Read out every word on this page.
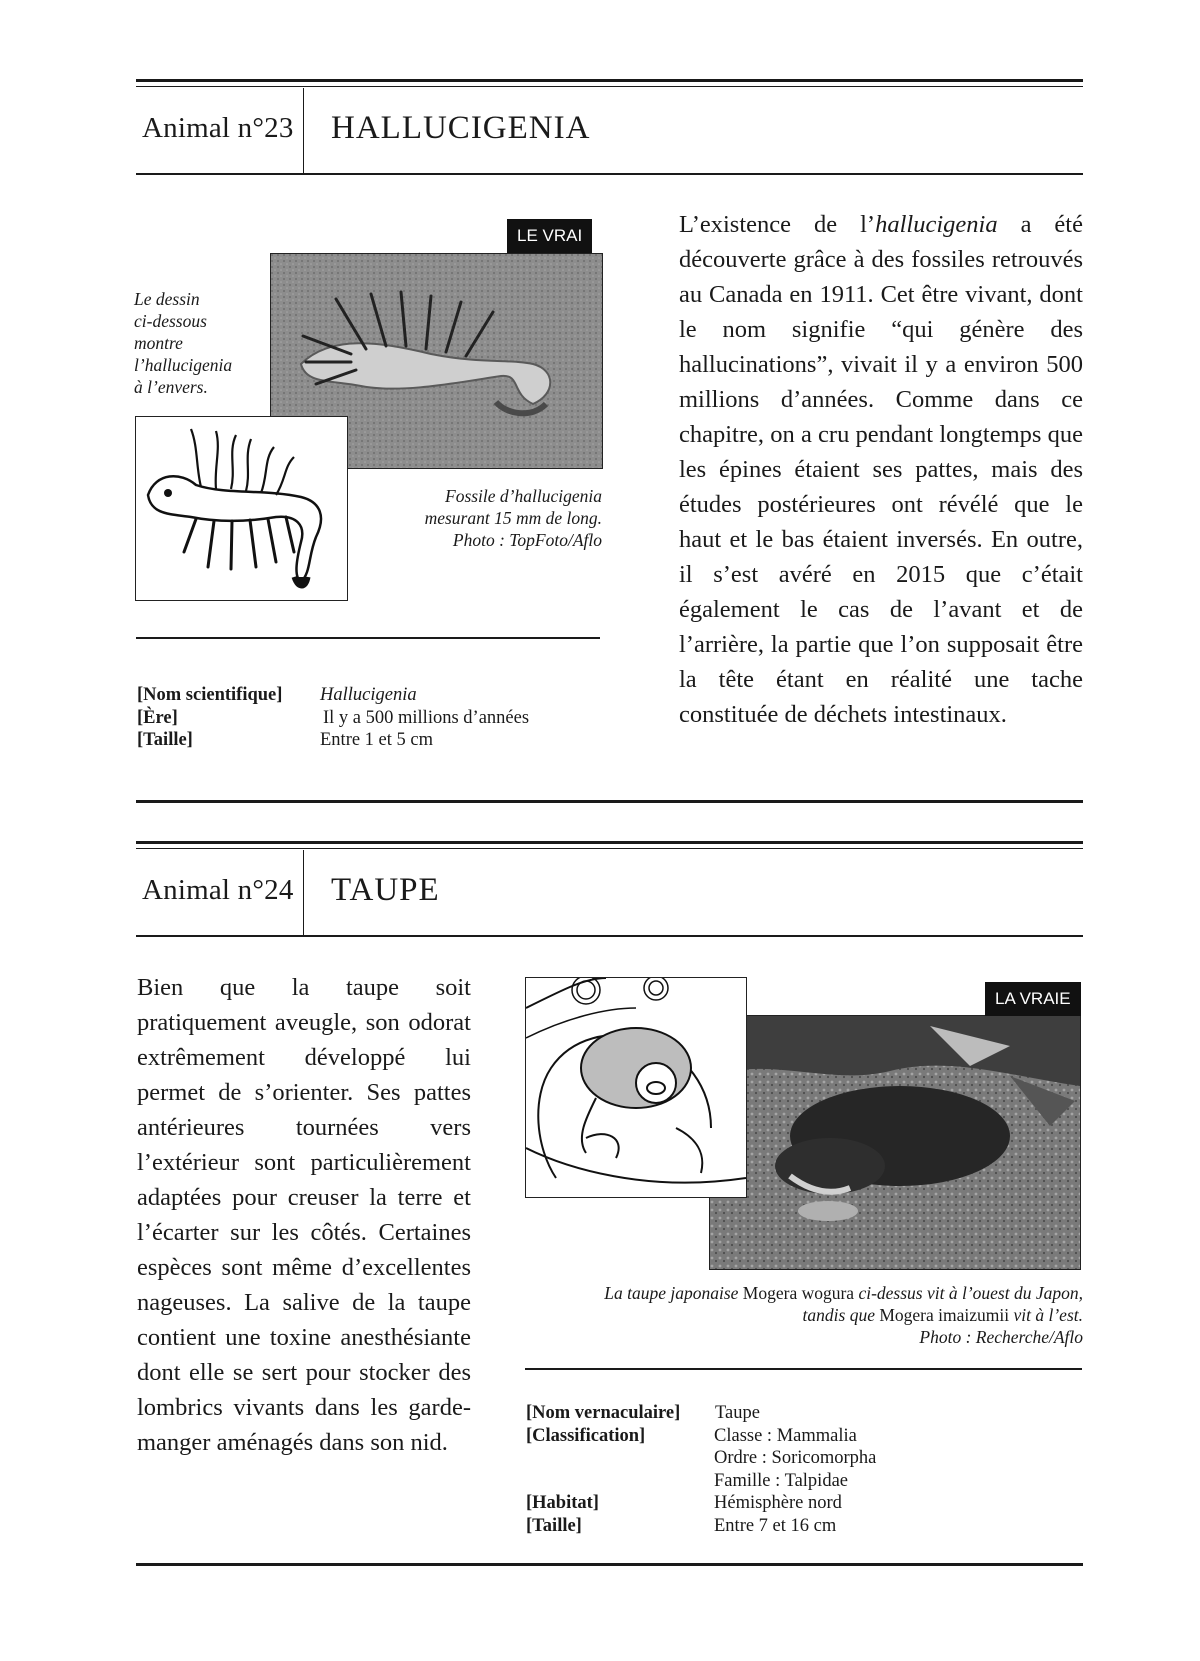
Animal n°23 HALLUCIGENIA
Le dessin
ci-dessous
montre
l’hallucigenia
à l’envers.
LE VRAI
Fossile d’hallucigenia
mesurant 15 mm de long.
Photo : TopFoto/Aflo
[Nom scientifique] Hallucigenia
[Ère]	Il y a 500 millions d’années
[Taille]	Entre 1 et 5 cm
L’existence de l’hallucigenia a été découverte grâce à des fossiles retrouvés au Canada en 1911. Cet être vivant, dont le nom signifie “qui génère des hallucinations”, vivait il y a environ 500 millions d’années. Comme dans ce chapitre, on a cru pendant longtemps que les épines étaient ses pattes, mais des études postérieures ont révélé que le haut et le bas étaient inversés. En outre, il s’est avéré en 2015 que c’était également le cas de l’avant et de l’arrière, la partie que l’on supposait être la tête étant en réalité une tache constituée de déchets intestinaux.
Animal n°24 TAUPE
Bien que la taupe soit pratiquement aveugle, son odorat extrêmement développé lui permet de s’orienter. Ses pattes antérieures tournées vers l’extérieur sont particulièrement adaptées pour creuser la terre et l’écarter sur les côtés. Certaines espèces sont même d’excellentes nageuses. La salive de la taupe contient une toxine anesthésiante dont elle se sert pour stocker des lombrics vivants dans les garde-manger aménagés dans son nid.
LA VRAIE
La taupe japonaise Mogera wogura ci-dessus vit à l’ouest du Japon,
tandis que Mogera imaizumii vit à l’est.
Photo : Recherche/Aflo
[Nom vernaculaire] Taupe
[Classification]	Classe : Mammalia
Ordre : Soricomorpha
Famille : Talpidae
[Habitat]	Hémisphère nord
[Taille]	Entre 7 et 16 cm
